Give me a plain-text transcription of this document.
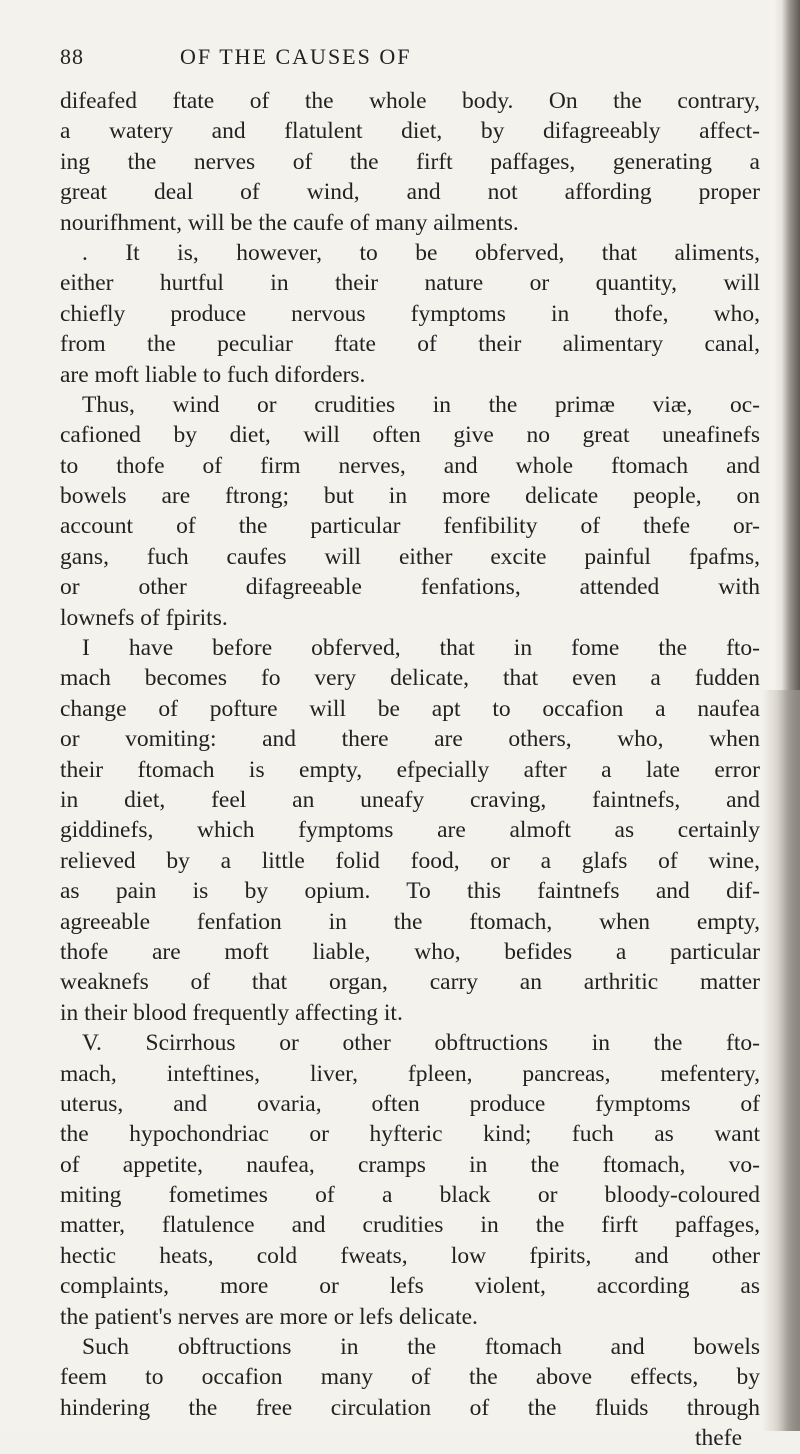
88	OF THE CAUSES OF
difeafed ftate of the whole body. On the contrary,
a watery and flatulent diet, by difagreeably affect-
ing the nerves of the firft paffages, generating a
great deal of wind, and not affording proper
nourifhment, will be the caufe of many ailments.
. It is, however, to be obferved, that aliments,
either hurtful in their nature or quantity, will
chiefly produce nervous fymptoms in thofe, who,
from the peculiar ftate of their alimentary canal,
are moft liable to fuch diforders.
Thus, wind or crudities in the primæ viæ, oc-
cafioned by diet, will often give no great uneafinefs
to thofe of firm nerves, and whole ftomach and
bowels are ftrong; but in more delicate people, on
account of the particular fenfibility of thefe or-
gans, fuch caufes will either excite painful fpafms,
or other difagreeable fenfations, attended with
lownefs of fpirits.
I have before obferved, that in fome the fto-
mach becomes fo very delicate, that even a fudden
change of pofture will be apt to occafion a naufea
or vomiting: and there are others, who, when
their ftomach is empty, efpecially after a late error
in diet, feel an uneafy craving, faintnefs, and
giddinefs, which fymptoms are almoft as certainly
relieved by a little folid food, or a glafs of wine,
as pain is by opium. To this faintnefs and dif-
agreeable fenfation in the ftomach, when empty,
thofe are moft liable, who, befides a particular
weaknefs of that organ, carry an arthritic matter
in their blood frequently affecting it.
V. Scirrhous or other obftructions in the fto-
mach, inteftines, liver, fpleen, pancreas, mefentery,
uterus, and ovaria, often produce fymptoms of
the hypochondriac or hyfteric kind; fuch as want
of appetite, naufea, cramps in the ftomach, vo-
miting fometimes of a black or bloody-coloured
matter, flatulence and crudities in the firft paffages,
hectic heats, cold fweats, low fpirits, and other
complaints, more or lefs violent, according as
the patient's nerves are more or lefs delicate.
Such obftructions in the ftomach and bowels
feem to occafion many of the above effects, by
hindering the free circulation of the fluids through
thefe
